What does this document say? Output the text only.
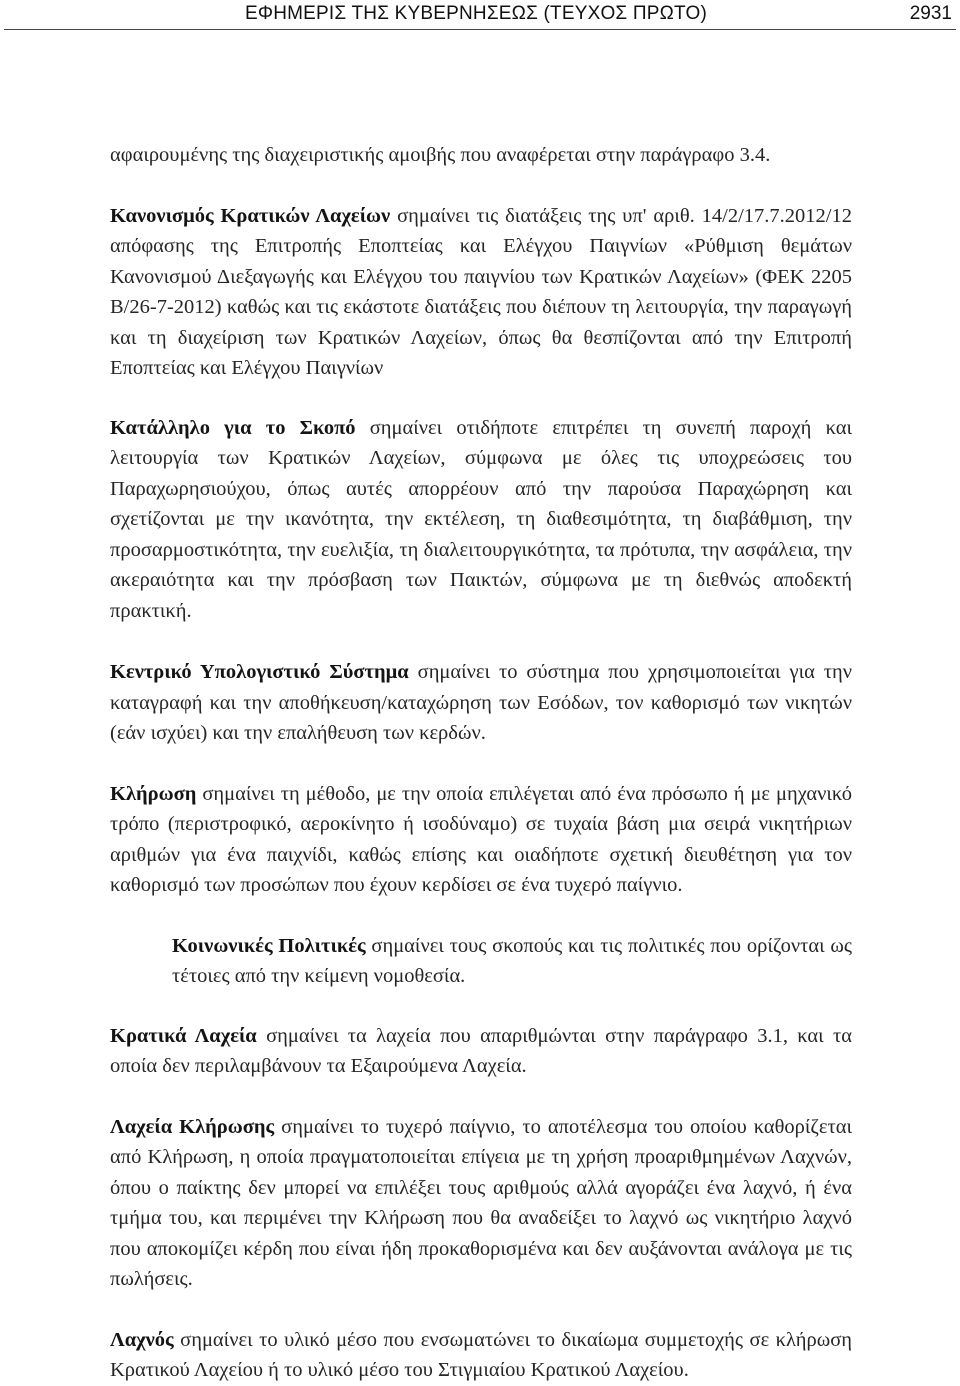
ΕΦΗΜΕΡΙΣ ΤΗΣ ΚΥΒΕΡΝΗΣΕΩΣ (ΤΕΥΧΟΣ ΠΡΩΤΟ)	2931

αφαιρουμένης της διαχειριστικής αμοιβής που αναφέρεται στην παράγραφο 3.4.

Κανονισμός Κρατικών Λαχείων σημαίνει τις διατάξεις της υπ' αριθ. 14/2/17.7.2012/12 απόφασης της Επιτροπής Εποπτείας και Ελέγχου Παιγνίων «Ρύθμιση θεμάτων Κανονισμού Διεξαγωγής και Ελέγχου του παιγνίου των Κρατικών Λαχείων» (ΦΕΚ 2205 Β/26-7-2012) καθώς και τις εκάστοτε διατάξεις που διέπουν τη λειτουργία, την παραγωγή και τη διαχείριση των Κρατικών Λαχείων, όπως θα θεσπίζονται από την Επιτροπή Εποπτείας και Ελέγχου Παιγνίων

Κατάλληλο για το Σκοπό σημαίνει οτιδήποτε επιτρέπει τη συνεπή παροχή και λειτουργία των Κρατικών Λαχείων, σύμφωνα με όλες τις υποχρεώσεις του Παραχωρησιούχου, όπως αυτές απορρέουν από την παρούσα Παραχώρηση και σχετίζονται με την ικανότητα, την εκτέλεση, τη διαθεσιμότητα, τη διαβάθμιση, την προσαρμοστικότητα, την ευελιξία, τη διαλειτουργικότητα, τα πρότυπα, την ασφάλεια, την ακεραιότητα και την πρόσβαση των Παικτών, σύμφωνα με τη διεθνώς αποδεκτή πρακτική.

Κεντρικό Υπολογιστικό Σύστημα σημαίνει το σύστημα που χρησιμοποιείται για την καταγραφή και την αποθήκευση/καταχώρηση των Εσόδων, τον καθορισμό των νικητών (εάν ισχύει) και την επαλήθευση των κερδών.

Κλήρωση σημαίνει τη μέθοδο, με την οποία επιλέγεται από ένα πρόσωπο ή με μηχανικό τρόπο (περιστροφικό, αεροκίνητο ή ισοδύναμο) σε τυχαία βάση μια σειρά νικητήριων αριθμών για ένα παιχνίδι, καθώς επίσης και οιαδήποτε σχετική διευθέτηση για τον καθορισμό των προσώπων που έχουν κερδίσει σε ένα τυχερό παίγνιο.

Κοινωνικές Πολιτικές σημαίνει τους σκοπούς και τις πολιτικές που ορίζονται ως τέτοιες από την κείμενη νομοθεσία.

Κρατικά Λαχεία σημαίνει τα λαχεία που απαριθμώνται στην παράγραφο 3.1, και τα οποία δεν περιλαμβάνουν τα Εξαιρούμενα Λαχεία.

Λαχεία Κλήρωσης σημαίνει το τυχερό παίγνιο, το αποτέλεσμα του οποίου καθορίζεται από Κλήρωση, η οποία πραγματοποιείται επίγεια με τη χρήση προαριθμημένων Λαχνών, όπου ο παίκτης δεν μπορεί να επιλέξει τους αριθμούς αλλά αγοράζει ένα λαχνό, ή ένα τμήμα του, και περιμένει την Κλήρωση που θα αναδείξει το λαχνό ως νικητήριο λαχνό που αποκομίζει κέρδη που είναι ήδη προκαθορισμένα και δεν αυξάνονται ανάλογα με τις πωλήσεις.

Λαχνός σημαίνει το υλικό μέσο που ενσωματώνει το δικαίωμα συμμετοχής σε κλήρωση Κρατικού Λαχείου ή το υλικό μέσο του Στιγμιαίου Κρατικού Λαχείου.
